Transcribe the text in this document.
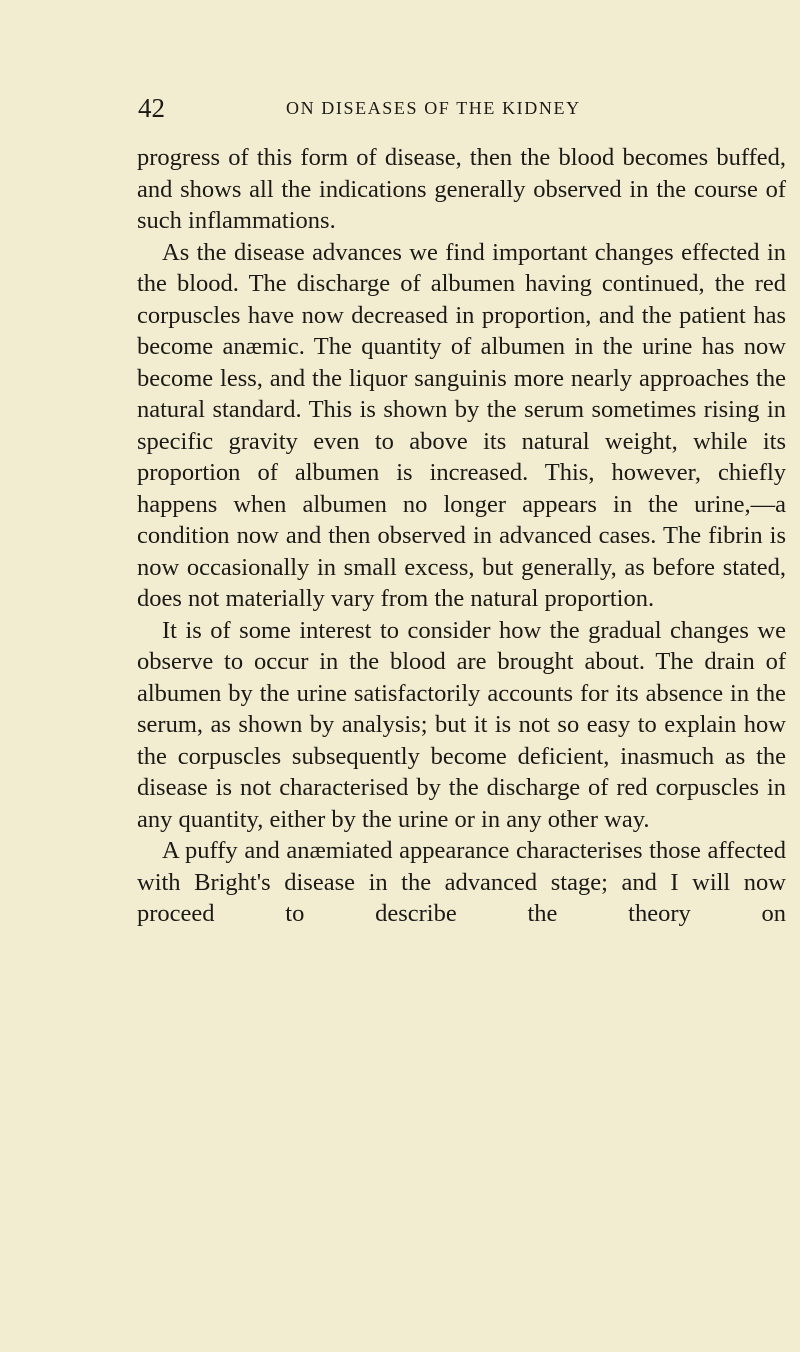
42	ON DISEASES OF THE KIDNEY

progress of this form of disease, then the blood becomes buffed, and shows all the indications generally observed in the course of such inflammations.

As the disease advances we find important changes effected in the blood. The discharge of albumen having continued, the red corpuscles have now decreased in proportion, and the patient has become anæmic. The quantity of albumen in the urine has now become less, and the liquor sanguinis more nearly approaches the natural standard. This is shown by the serum sometimes rising in specific gravity even to above its natural weight, while its proportion of albumen is increased. This, however, chiefly happens when albumen no longer appears in the urine,—a condition now and then observed in advanced cases. The fibrin is now occasionally in small excess, but generally, as before stated, does not materially vary from the natural proportion.

It is of some interest to consider how the gradual changes we observe to occur in the blood are brought about. The drain of albumen by the urine satisfactorily accounts for its absence in the serum, as shown by analysis; but it is not so easy to explain how the corpuscles subsequently become deficient, inasmuch as the disease is not characterised by the discharge of red corpuscles in any quantity, either by the urine or in any other way.

A puffy and anæmiated appearance characterises those affected with Bright's disease in the advanced stage; and I will now proceed to describe the theory on
